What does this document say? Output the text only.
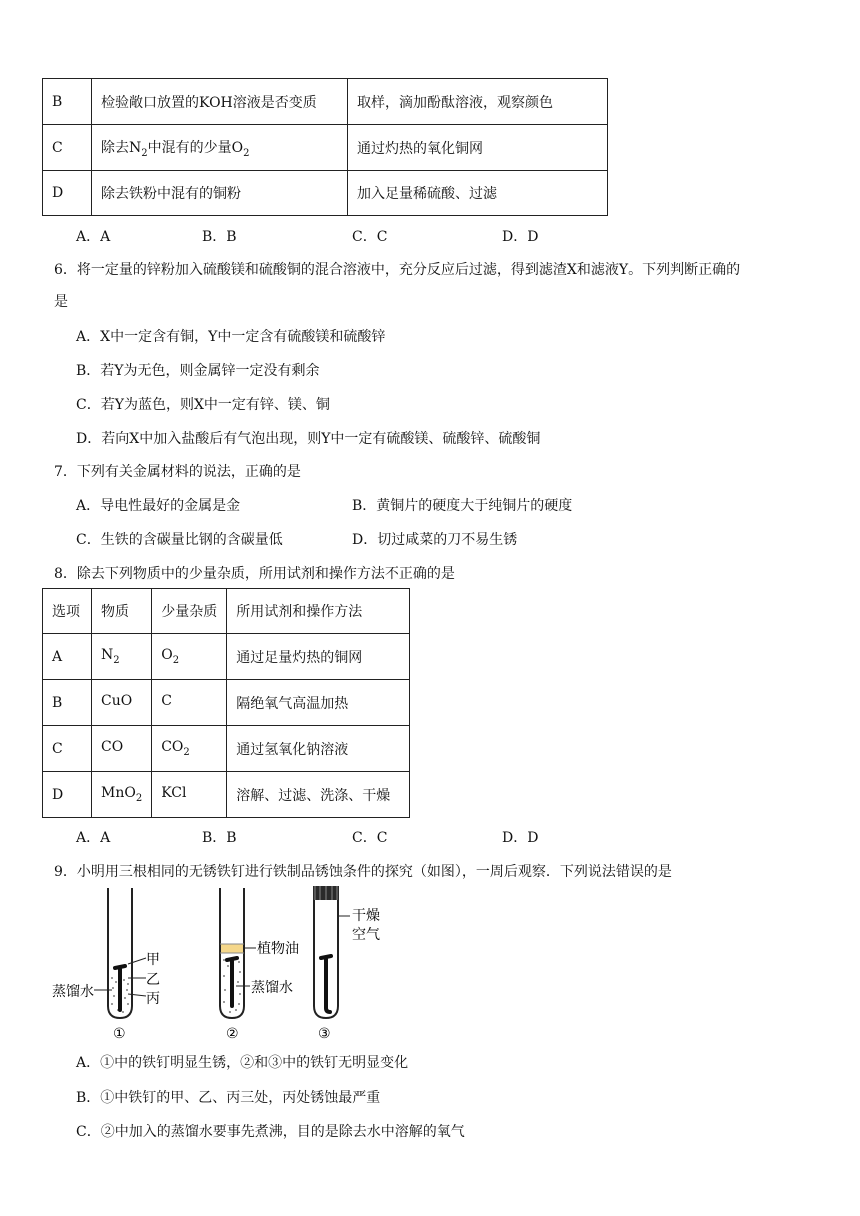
B	检验敞口放置的KOH溶液是否变质	取样，滴加酚酞溶液，观察颜色
C	除去$N_2$中混有的少量$O_2$	通过灼热的氧化铜网
D	除去铁粉中混有的铜粉	加入足量稀硫酸、过滤
A．A	B．B	C．C	D．D
6．将一定量的锌粉加入硫酸镁和硫酸铜的混合溶液中，充分反应后过滤，得到滤渣X和滤液Y。下列判断正确的
是
A．X中一定含有铜，Y中一定含有硫酸镁和硫酸锌
B．若Y为无色，则金属锌一定没有剩余
C．若Y为蓝色，则X中一定有锌、镁、铜
D．若向X中加入盐酸后有气泡出现，则Y中一定有硫酸镁、硫酸锌、硫酸铜
7．下列有关金属材料的说法，正确的是
A．导电性最好的金属是金	B．黄铜片的硬度大于纯铜片的硬度
C．生铁的含碳量比钢的含碳量低	D．切过咸菜的刀不易生锈
8．除去下列物质中的少量杂质，所用试剂和操作方法不正确的是
选项	物质	少量杂质	所用试剂和操作方法
A	$N_2$	$O_2$	通过足量灼热的铜网
B	CuO	C	隔绝氧气高温加热
C	CO	$CO_2$	通过氢氧化钠溶液
D	MnO$_2$	KCl	溶解、过滤、洗涤、干燥
A．A	B．B	C．C	D．D
9．小明用三根相同的无锈铁钉进行铁制品锈蚀条件的探究（如图），一周后观察．下列说法错误的是
甲
乙
丙
蒸馏水
①
植物油
蒸馏水
②
干燥
空气
③
A．①中的铁钉明显生锈，②和③中的铁钉无明显变化
B．①中铁钉的甲、乙、丙三处，丙处锈蚀最严重
C．②中加入的蒸馏水要事先煮沸，目的是除去水中溶解的氧气
